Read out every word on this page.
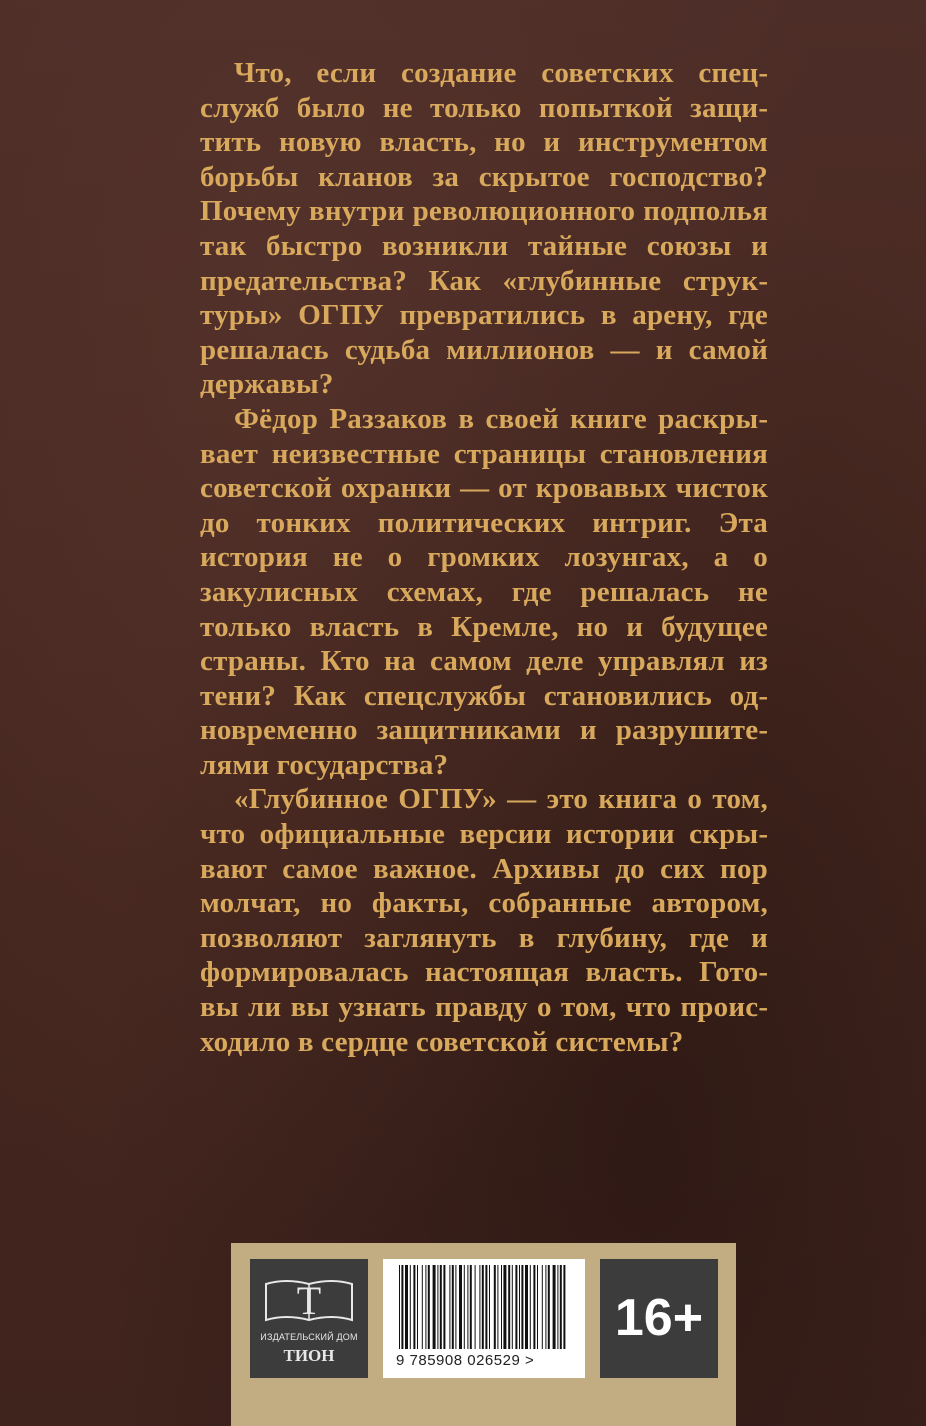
Что, если создание советских спецслужб было не только попыткой защитить новую власть, но и инструментом борьбы кланов за скрытое господство? Почему внутри революционного подполья так быстро возникли тайные союзы и предательства? Как «глубинные структуры» ОГПУ превратились в арену, где решалась судьба миллионов — и самой державы?

Фёдор Раззаков в своей книге раскрывает неизвестные страницы становления советской охранки — от кровавых чисток до тонких политических интриг. Эта история не о громких лозунгах, а о закулисных схемах, где решалась не только власть в Кремле, но и будущее страны. Кто на самом деле управлял из тени? Как спецслужбы становились одновременно защитниками и разрушителями государства?

«Глубинное ОГПУ» — это книга о том, что официальные версии истории скрывают самое важное. Архивы до сих пор молчат, но факты, собранные автором, позволяют заглянуть в глубину, где и формировалась настоящая власть. Готовы ли вы узнать правду о том, что происходило в сердце советской системы?

Т
ИЗДАТЕЛЬСКИЙ ДОМ
ТИОН	9 785908 026529 >
16+
